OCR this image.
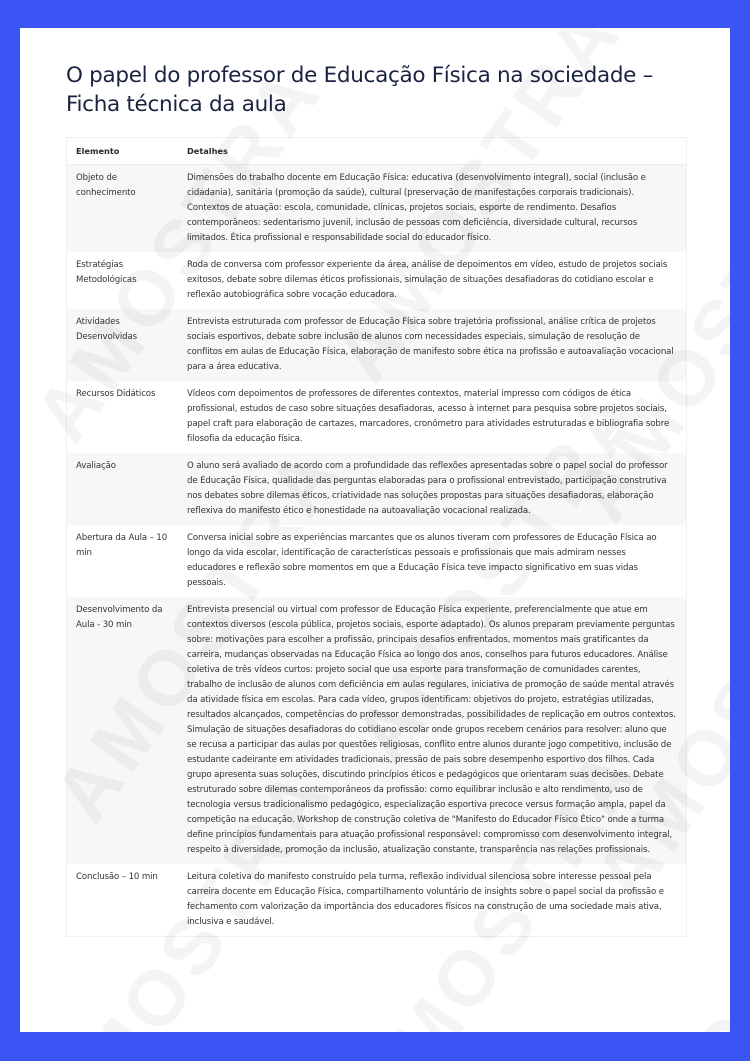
O papel do professor de Educação Física na sociedade – Ficha técnica da aula
Elemento	Detalhes
Objeto de conhecimento	Dimensões do trabalho docente em Educação Física: educativa (desenvolvimento integral), social (inclusão e cidadania), sanitária (promoção da saúde), cultural (preservação de manifestações corporais tradicionais). Contextos de atuação: escola, comunidade, clínicas, projetos sociais, esporte de rendimento. Desafios contemporâneos: sedentarismo juvenil, inclusão de pessoas com deficiência, diversidade cultural, recursos limitados. Ética profissional e responsabilidade social do educador físico.
Estratégias Metodológicas	Roda de conversa com professor experiente da área, análise de depoimentos em vídeo, estudo de projetos sociais exitosos, debate sobre dilemas éticos profissionais, simulação de situações desafiadoras do cotidiano escolar e reflexão autobiográfica sobre vocação educadora.
Atividades Desenvolvidas	Entrevista estruturada com professor de Educação Física sobre trajetória profissional, análise crítica de projetos sociais esportivos, debate sobre inclusão de alunos com necessidades especiais, simulação de resolução de conflitos em aulas de Educação Física, elaboração de manifesto sobre ética na profissão e autoavaliação vocacional para a área educativa.
Recursos Didáticos	Vídeos com depoimentos de professores de diferentes contextos, material impresso com códigos de ética profissional, estudos de caso sobre situações desafiadoras, acesso à internet para pesquisa sobre projetos sociais, papel craft para elaboração de cartazes, marcadores, cronômetro para atividades estruturadas e bibliografia sobre filosofia da educação física.
Avaliação	O aluno será avaliado de acordo com a profundidade das reflexões apresentadas sobre o papel social do professor de Educação Física, qualidade das perguntas elaboradas para o profissional entrevistado, participação construtiva nos debates sobre dilemas éticos, criatividade nas soluções propostas para situações desafiadoras, elaboração reflexiva do manifesto ético e honestidade na autoavaliação vocacional realizada.
Abertura da Aula – 10 min	Conversa inicial sobre as experiências marcantes que os alunos tiveram com professores de Educação Física ao longo da vida escolar, identificação de características pessoais e profissionais que mais admiram nesses educadores e reflexão sobre momentos em que a Educação Física teve impacto significativo em suas vidas pessoais.
Desenvolvimento da Aula - 30 min	Entrevista presencial ou virtual com professor de Educação Física experiente, preferencialmente que atue em contextos diversos (escola pública, projetos sociais, esporte adaptado). Os alunos preparam previamente perguntas sobre: motivações para escolher a profissão, principais desafios enfrentados, momentos mais gratificantes da carreira, mudanças observadas na Educação Física ao longo dos anos, conselhos para futuros educadores. Análise coletiva de três vídeos curtos: projeto social que usa esporte para transformação de comunidades carentes, trabalho de inclusão de alunos com deficiência em aulas regulares, iniciativa de promoção de saúde mental através da atividade física em escolas. Para cada vídeo, grupos identificam: objetivos do projeto, estratégias utilizadas, resultados alcançados, competências do professor demonstradas, possibilidades de replicação em outros contextos. Simulação de situações desafiadoras do cotidiano escolar onde grupos recebem cenários para resolver: aluno que se recusa a participar das aulas por questões religiosas, conflito entre alunos durante jogo competitivo, inclusão de estudante cadeirante em atividades tradicionais, pressão de pais sobre desempenho esportivo dos filhos. Cada grupo apresenta suas soluções, discutindo princípios éticos e pedagógicos que orientaram suas decisões. Debate estruturado sobre dilemas contemporâneos da profissão: como equilibrar inclusão e alto rendimento, uso de tecnologia versus tradicionalismo pedagógico, especialização esportiva precoce versus formação ampla, papel da competição na educação. Workshop de construção coletiva de "Manifesto do Educador Físico Ético" onde a turma define princípios fundamentais para atuação profissional responsável: compromisso com desenvolvimento integral, respeito à diversidade, promoção da inclusão, atualização constante, transparência nas relações profissionais.
Conclusão – 10 min	Leitura coletiva do manifesto construído pela turma, reflexão individual silenciosa sobre interesse pessoal pela carreira docente em Educação Física, compartilhamento voluntário de insights sobre o papel social da profissão e fechamento com valorização da importância dos educadores físicos na construção de uma sociedade mais ativa, inclusiva e saudável.
